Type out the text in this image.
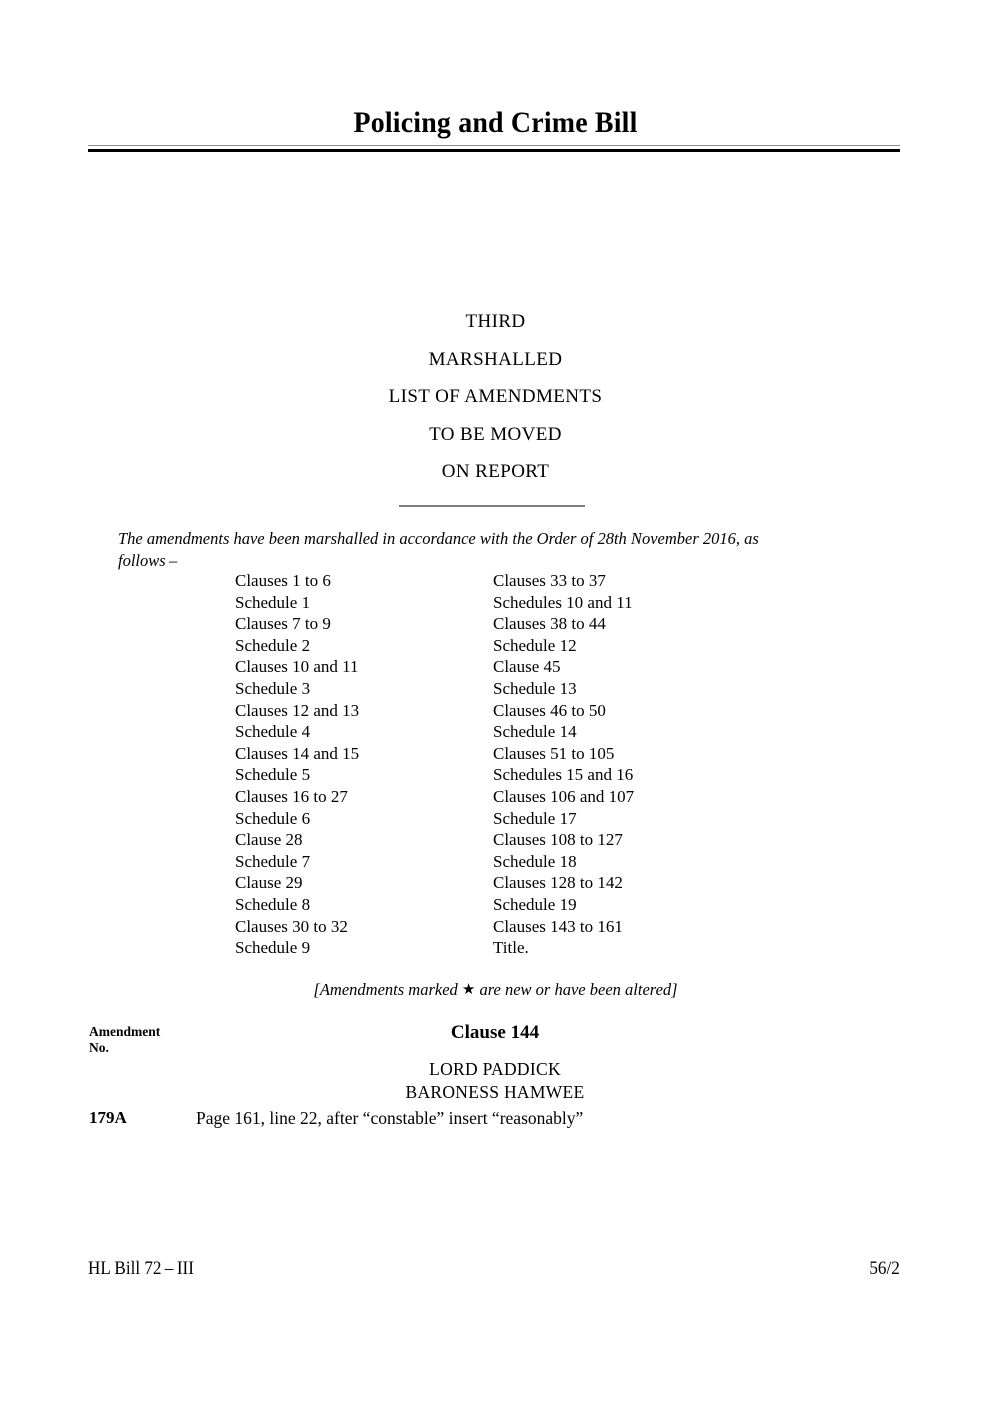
Policing and Crime Bill
THIRD
MARSHALLED
LIST OF AMENDMENTS
TO BE MOVED
ON REPORT
The amendments have been marshalled in accordance with the Order of 28th November 2016, as
follows –
Clauses 1 to 6
Schedule 1
Clauses 7 to 9
Schedule 2
Clauses 10 and 11
Schedule 3
Clauses 12 and 13
Schedule 4
Clauses 14 and 15
Schedule 5
Clauses 16 to 27
Schedule 6
Clause 28
Schedule 7
Clause 29
Schedule 8
Clauses 30 to 32
Schedule 9
Clauses 33 to 37
Schedules 10 and 11
Clauses 38 to 44
Schedule 12
Clause 45
Schedule 13
Clauses 46 to 50
Schedule 14
Clauses 51 to 105
Schedules 15 and 16
Clauses 106 and 107
Schedule 17
Clauses 108 to 127
Schedule 18
Clauses 128 to 142
Schedule 19
Clauses 143 to 161
Title.
[Amendments marked ★ are new or have been altered]
Amendment
No.
Clause 144
LORD PADDICK
BARONESS HAMWEE
179A	Page 161, line 22, after “constable” insert “reasonably”
HL Bill 72 – III	56/2
